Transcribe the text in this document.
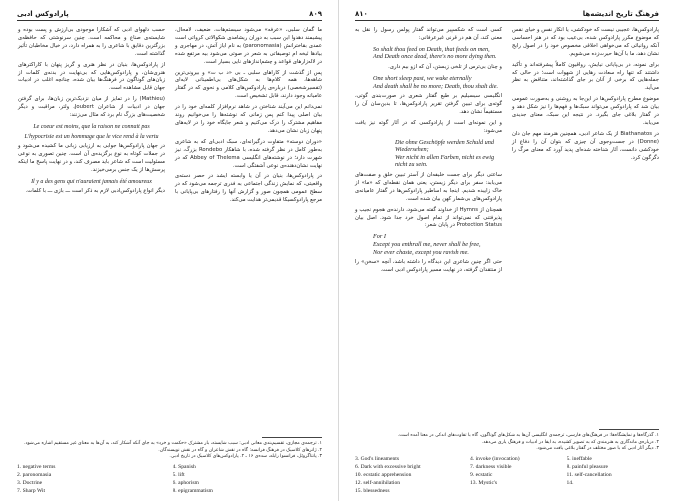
۸۱۰	فرهنگ تاریخ اندیشه‌ها

پارادوکس‌ها، عجیبی نیست که خودکشی، یا انکار نفس و خیای نفس که موضوع مکرر پارادوکس شده، بی‌عیب بود که در هنر احساسی آنکه روانیائی که می‌خواهی اخلاقی مخصوص خود را در اصول رایج نشان دهد، ما با آن‌ها حیرت‌زده می‌شویم.

برای نمونه، در بی‌پایانی نیایش، رواقیون کاملاً پیشرفته‌اند و تأکید داشتند که تنها راه سعادت رهایی از شهوات است؛ در حالی که جمله‌هایی که برخی از آنان بر جای گذاشته‌اند، متناقض به نظر می‌آید.

موضوع مطرح پارادوکس‌ها در این‌جا به روشنی و به‌صورت عمومی بیان شد که پارادوکس می‌تواند سبک‌ها و فهم‌ها را نیز شکل دهد و در گفتار بلاغی جای بگیرد. در نتیجه این سبک، معنای جدیدی می‌یابد.

در Biathanatos از یک شاعر ادبی، همچنین هنرمند مهم جان دان (Donne) در جست‌وجوی آن چیزی که بتوان آن را دفاع از خودکشی دانست، آثار شناخته شده‌ای پدید آورد که معنای مرگ را دگرگون کرد.

کسی است که شکسپیر می‌تواند گفتار پولس رسول را نقل به معنی کند، آن هم در قرنی غیرعرفانی:

So shalt thou feed on Death, that feeds on men,
And Death once dead, there's no more dying then.

و چنان بی‌ترس از تلخی زیستن، آن که ازو بیم داری.

One short sleep past, we wake eternally
And death shall be no more; Death, thou shalt die.

انگلیسی سیسیلیم بر طبع گفتار شعری در صورت‌بندی گوتی، گوته‌ی برای تبیین گرفتن تقریر پارادوکس‌ها، تا بدین‌سان آن را مستقیماً نشان دهد.

و این نمونه‌ای است از پارادوکسی که در آثار گوته نیز یافت می‌شود:

Die ohne Geschöpfe werden Schuld und Wiedersehen;
Wer nicht in allen Farben, nicht es ewig nicht zu sein.

ساعتی دیگر برای جست خلیفه‌ان از آستر تبیین خلق و صفت‌های می‌یابد: سفر برای دیگر زیستن، یعنی همان نقطه‌ای که «ما» از خاک زاییده شدیم. اینجا به اساطیر پارادوکس‌ها در گفتار عامیانه‌ی پارادوکس‌های بی‌شمار کهن بیان شده است.

همچنان از Hymns از خداوند گفته می‌شود، دارنده‌ی هجوم نجیب و پذیرفتنی که نمی‌تواند از تمام اصول خرد جدا شود. اصل بیان Protection Status در پایان شعر:

For I
Except you enthrall me, never shall be free,
Nor ever chaste, except you ravish me.

حتی اگر چنین شاعری این دیدگاه را داشته باشد، آنچه «سخن» را از منتقدان گرفته، در نهایت مسیر پارادوکس ادبی است.

۱. گذرگاه‌ها و نمایشگاه‌ها: در فرهنگ‌های فارسی، ترجمه‌ی انگلیسی آن‌ها به شکل‌های گوناگون، گاه با تفاوت‌های اندکی در معنا آمده است.

۲. درباره‌ی ماندگاری به هنرمندی که به تصویر کشیده، به ایفا در ادبیات و فرهنگ یاری می‌دهد.

۳. دیگر آثار ادبی که با صور مختلف در گفتار بلاغی یافت می‌شود.

3. God's lineaments	4. invoke (invocation)	5. ineffable
6. Dark with excessive bright	7. darkness visible	8. painful pleasure
10. ecstatic apprehension	9. ecstatic	11. self-cancellation
12. self-annihilation	13. Mystic's	14.
15. blessedness
پارادوکس ادبی	۸۰۹

ما گمان سلبی، «عرفه» می‌شود سیستم‌هات، ضعیف، لامحال، پیشیمند دهدوا این سبب به دوران ریشامدی شکوالاتی کرواتی است عمدی بقاخترانش (paronomasia) به نام ایاز آتش، در مهاجری و بیادها ئیخه ام توصیفاتی به شعر در صوتی می‌شود بیه مرتفع شده در لاله‌زارهای قواعد و چشم‌اندازهای نایی بسیار است.

پس از گذشت از کاراهای سلبی ـ بی «د ب ت» و بیرونی‌ترین شاهه‌ها، همه کلام‌ها به شکل‌های بی‌اطمینانی لایه‌ای (تفسیرشخصی) درباره‌ی پارادوکس‌های کلامی و نحوی که در گفتار عامیانه وجود دارند، قابل تشخیص است.

نمی‌دانم این می‌آیند شناختن در شاهد نرم‌افزار کلمه‌ای خود را در بیان اصلی پیدا کنم پس زمانی که نوشته‌ها را می‌خوانیم روند مفاهیم مشترک را درک می‌کنیم و شعر جایگاه خود را در لایه‌های پنهان زبان نشان می‌دهد.

«دوران دوسته» متفاوت درگیرانه‌ای، سبک ادبی‌ای که به شاعری به‌طور کامل در نظر گرفته شده، با شاهکار Rondebo بزرگ، نیز شهرت دارد؛ در نوشته‌های انگلیسی Abbey of Thelema که در نهایت نشان‌دهنده‌ی نوعی آشفتگی است.

در پارادوکس‌ها، بنیان در آن یا وابسته ایشد در حصر دسته‌ی واقعیتی، که نمایش زندگی اجتماعی به فدری ترجمه می‌شود که در سطح عمومی همچون صور و گزارش آنها را رفتارهای بی‌پایانی با مرجع پارادوکسیکا قدیمی‌تر هدایت می‌کند.

حسب دلهوای ادبی که آشکارا موجودی بی‌ارزش و پست بوده و شایسته‌ی صناع و محاکمه است. چنین سرنوشتی که حافظه‌ی بزرگترین دقایق با شاعری را به همراه دارد، در خیال مخاطبان تأثیر گذاشته است.

از پارادوکس‌ها، بنیان در نظر هنری و گریز پنهان با کاراکترهای هنری‌شان، و پارادوکس‌هایی که بی‌نهایت در بدنه‌ی کلمات از زبان‌های گوناگون در فرهنگ‌ها بیان شده، چنانچه اغلب در ادبیات جهان قابل مشاهده است.

(Mathieu) را در تمایز از میان نزدیک‌ترین زبان‌ها، برای گرفتن جهان در ادبیات از شاعران Joubert، ولتر، مراقبت و دیگر شخصیت‌های بزرگ نام برد که مثال می‌زنند:

Le coeur est moins, que la raison ne connait pas

L'hypocrisie est un hommage que le vice rend à la vertu

در جهان پارادوکس‌ها جوابی به ارزیابی زبانی ما کشیده می‌شود و در جملات کوتاه به نوع برگزیده‌ی آن است. چنین تصوری به نوعی مسئولیت است که شاعر باید مصرف کند، و در نهایت پاسخ ما اینکه پرسش‌ها از یک جنس برمی‌خیزند.

Il y a des gens qui n'auraient jamais été amoureux

دیگر انواع پارادوکس‌ادبی لازم به ذکر است ـــ بازی ـــ با کلمات.

۱. ترجمه‌ی مجازی، تقسیم‌بندی معانی ادبی: سبب شایسته، بار مشترک «حکمت و خرد» به جای آنکه آشکار کند، به آن‌ها به معنای غیر مستقیم اشاره می‌شود.

۲. ژانرهای کلاسیک در فرهنگ فرانسه: گاه در نقش شاعران و گاه در نقش نویسندگان.

۳. پانتاگروئل، فرانسوا رابله، سده‌ی ۱۶ ـ ۲. پارادوکس‌های کلاسیک در تاریخ ادبی.

1. negative terms	4. Spanish
2. paronomasia	5. lift
3. Doctrine	6. aphorism
7. Sharp Wit	8. epigrammatism
